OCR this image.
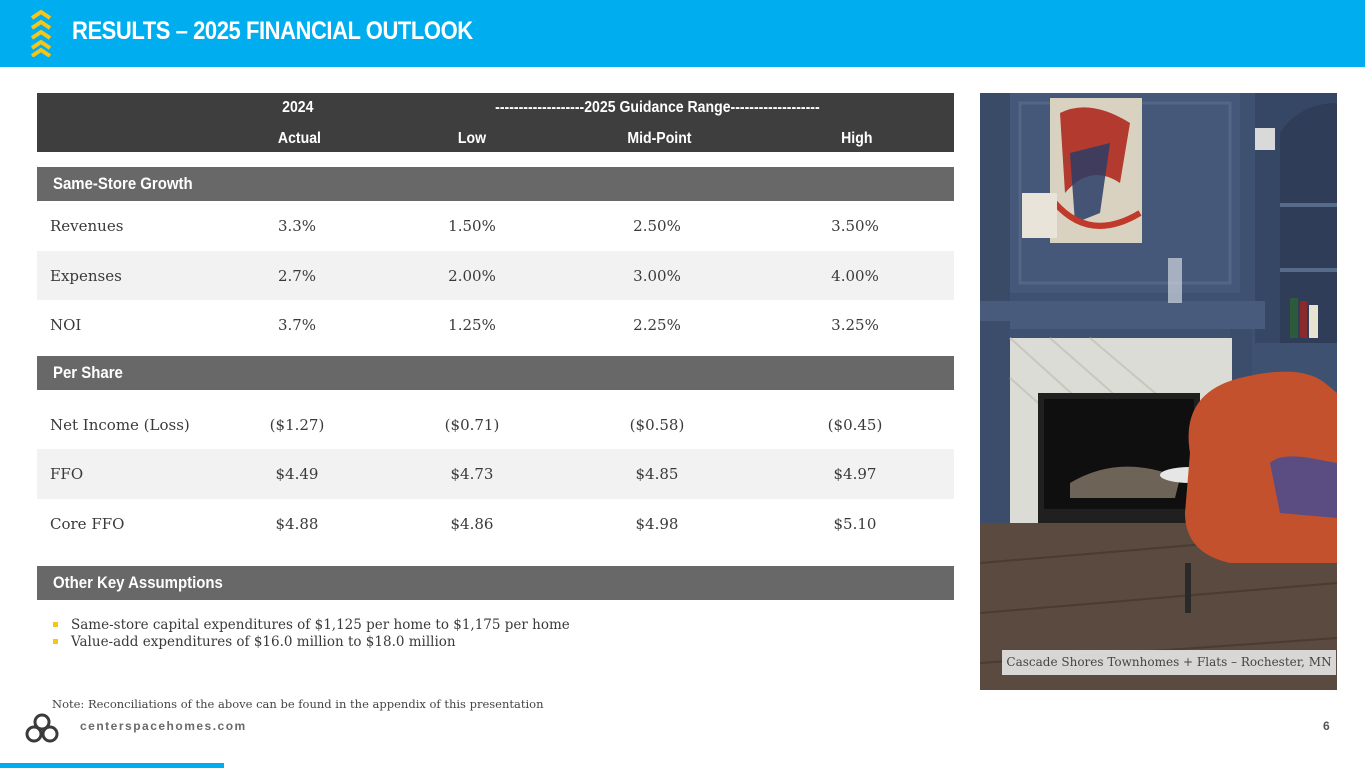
RESULTS – 2025 FINANCIAL OUTLOOK
2024	-------------------2025 Guidance Range-------------------
Actual	Low	Mid-Point	High
Same-Store Growth
Revenues	3.3%	1.50%	2.50%	3.50%
Expenses	2.7%	2.00%	3.00%	4.00%
NOI	3.7%	1.25%	2.25%	3.25%
Per Share
Net Income (Loss)	($1.27)	($0.71)	($0.58)	($0.45)
FFO	$4.49	$4.73	$4.85	$4.97
Core FFO	$4.88	$4.86	$4.98	$5.10
Other Key Assumptions
Same-store capital expenditures of $1,125 per home to $1,175 per home
Value-add expenditures of $16.0 million to $18.0 million
Note: Reconciliations of the above can be found in the appendix of this presentation
Cascade Shores Townhomes + Flats – Rochester, MN
centerspacehomes.com	6
